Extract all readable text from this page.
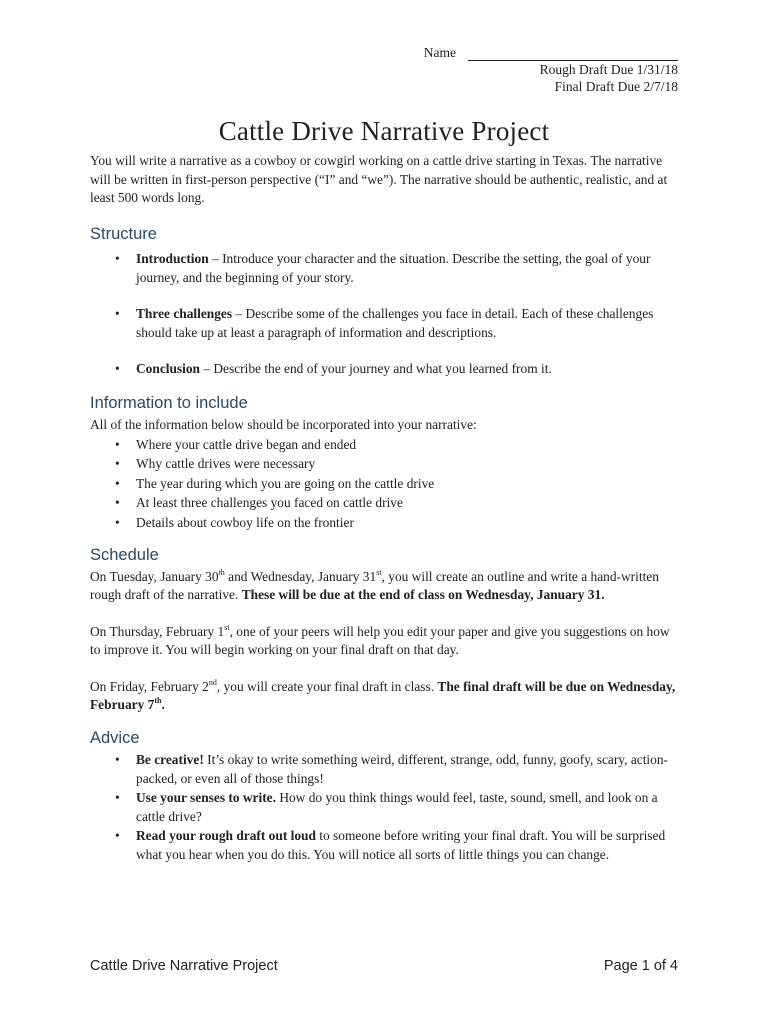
Name
Rough Draft Due 1/31/18
Final Draft Due 2/7/18
Cattle Drive Narrative Project

You will write a narrative as a cowboy or cowgirl working on a cattle drive starting in Texas. The narrative will be written in first-person perspective (“I” and “we”). The narrative should be authentic, realistic, and at least 500 words long.

Structure
• Introduction – Introduce your character and the situation. Describe the setting, the goal of your journey, and the beginning of your story.
• Three challenges – Describe some of the challenges you face in detail. Each of these challenges should take up at least a paragraph of information and descriptions.
• Conclusion – Describe the end of your journey and what you learned from it.
Information to include

All of the information below should be incorporated into your narrative:

• Where your cattle drive began and ended
• Why cattle drives were necessary
• The year during which you are going on the cattle drive
• At least three challenges you faced on cattle drive
• Details about cowboy life on the frontier
Schedule

On Tuesday, January 30th and Wednesday, January 31st, you will create an outline and write a hand-written rough draft of the narrative. These will be due at the end of class on Wednesday, January 31.

On Thursday, February 1st, one of your peers will help you edit your paper and give you suggestions on how to improve it. You will begin working on your final draft on that day.

On Friday, February 2nd, you will create your final draft in class. The final draft will be due on Wednesday, February 7th.

Advice
• Be creative! It’s okay to write something weird, different, strange, odd, funny, goofy, scary, action-packed, or even all of those things!
• Use your senses to write. How do you think things would feel, taste, sound, smell, and look on a cattle drive?
• Read your rough draft out loud to someone before writing your final draft. You will be surprised what you hear when you do this. You will notice all sorts of little things you can change.
Cattle Drive Narrative Project	Page 1 of 4
